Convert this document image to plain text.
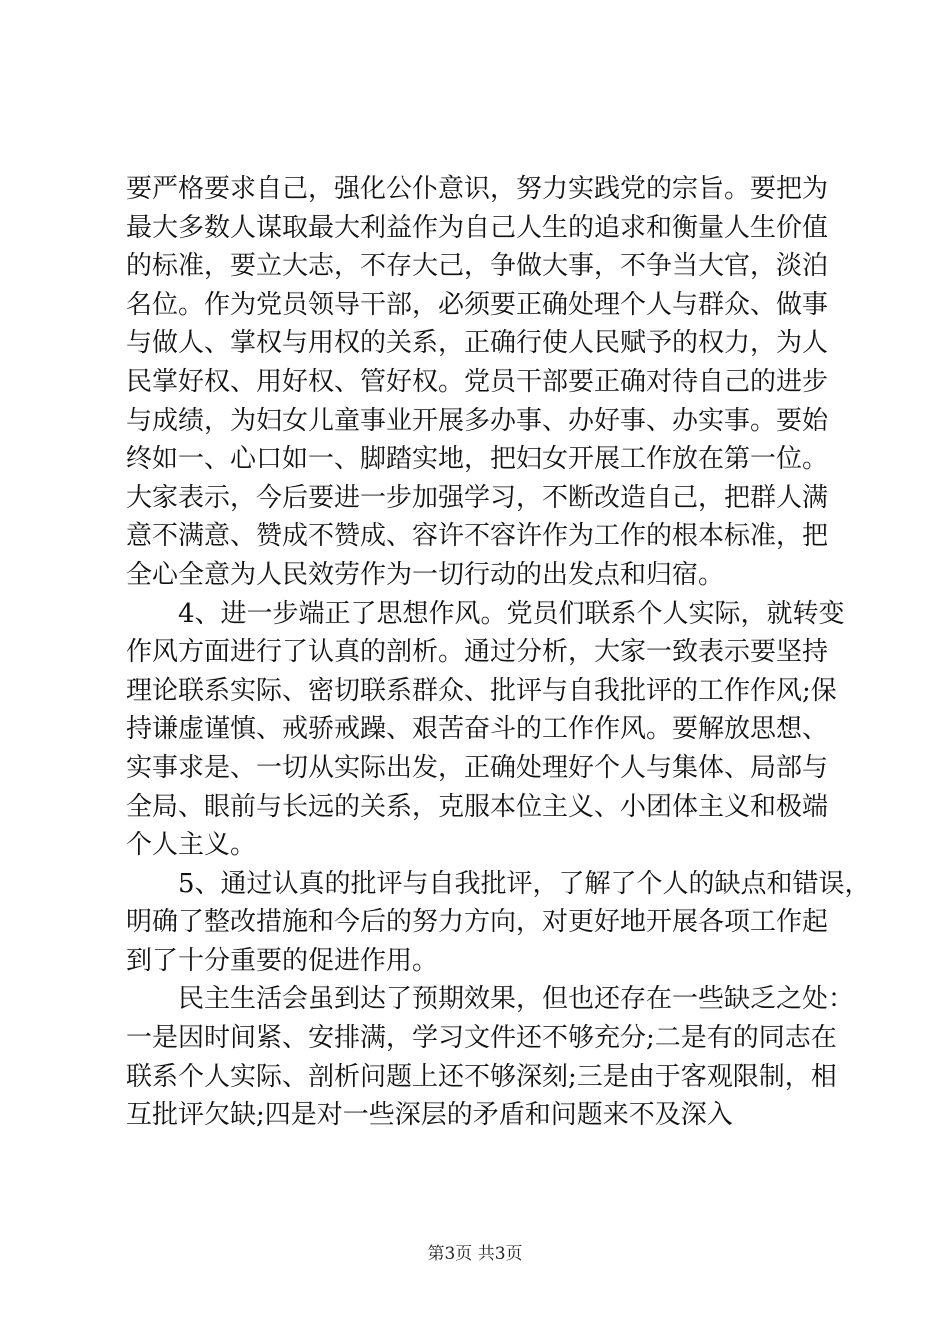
要严格要求自己，强化公仆意识，努力实践党的宗旨。要把为
最大多数人谋取最大利益作为自己人生的追求和衡量人生价值
的标准，要立大志，不存大己，争做大事，不争当大官，淡泊
名位。作为党员领导干部，必须要正确处理个人与群众、做事
与做人、掌权与用权的关系，正确行使人民赋予的权力，为人
民掌好权、用好权、管好权。党员干部要正确对待自己的进步
与成绩，为妇女儿童事业开展多办事、办好事、办实事。要始
终如一、心口如一、脚踏实地，把妇女开展工作放在第一位。
大家表示，今后要进一步加强学习，不断改造自己，把群人满
意不满意、赞成不赞成、容许不容许作为工作的根本标准，把
全心全意为人民效劳作为一切行动的出发点和归宿。
　　4、进一步端正了思想作风。党员们联系个人实际，就转变
作风方面进行了认真的剖析。通过分析，大家一致表示要坚持
理论联系实际、密切联系群众、批评与自我批评的工作作风;保
持谦虚谨慎、戒骄戒躁、艰苦奋斗的工作作风。要解放思想、
实事求是、一切从实际出发，正确处理好个人与集体、局部与
全局、眼前与长远的关系，克服本位主义、小团体主义和极端
个人主义。
　　5、通过认真的批评与自我批评，了解了个人的缺点和错误，
明确了整改措施和今后的努力方向，对更好地开展各项工作起
到了十分重要的促进作用。
　　民主生活会虽到达了预期效果，但也还存在一些缺乏之处：
一是因时间紧、安排满，学习文件还不够充分;二是有的同志在
联系个人实际、剖析问题上还不够深刻;三是由于客观限制，相
互批评欠缺;四是对一些深层的矛盾和问题来不及深入
第3页 共3页
